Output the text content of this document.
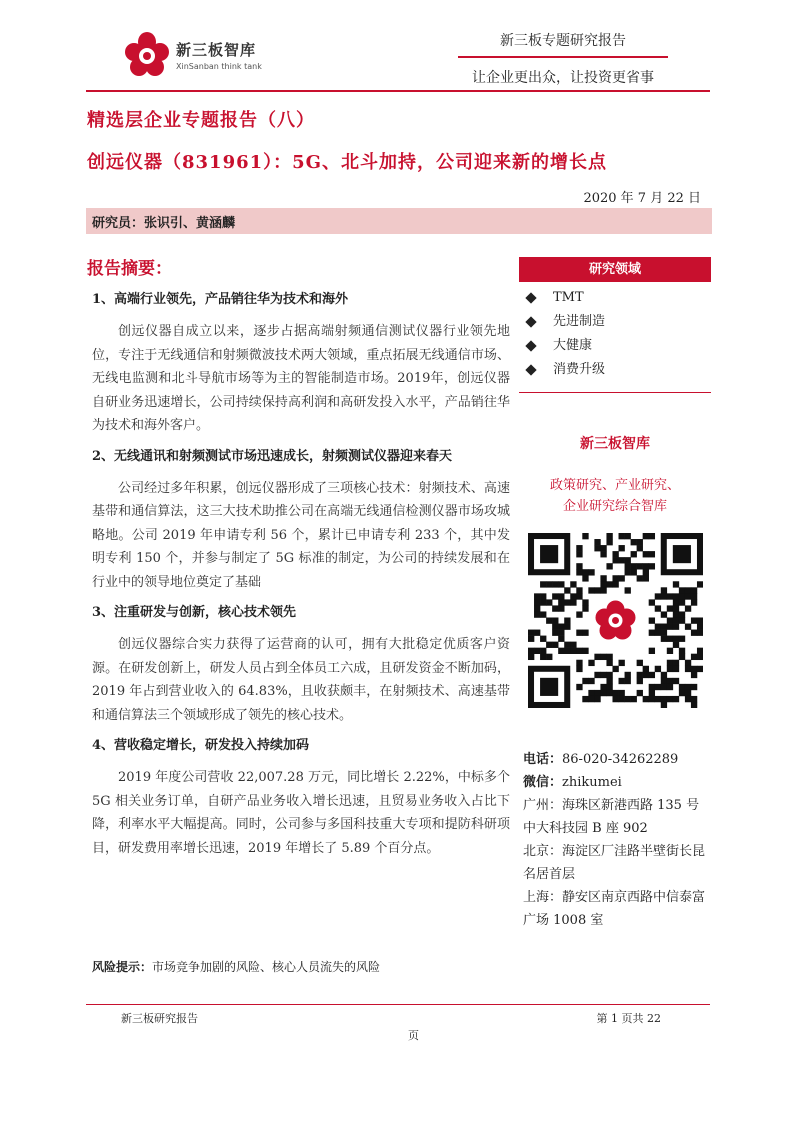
新三板智库
XinSanban think tank
新三板专题研究报告
让企业更出众，让投资更省事
精选层企业专题报告（八）
创远仪器（831961）：5G、北斗加持，公司迎来新的增长点
2020 年 7 月 22 日
研究员：张识引、黄涵麟
报告摘要：
1、高端行业领先，产品销往华为技术和海外

创远仪器自成立以来，逐步占据高端射频通信测试仪器行业领先地位，专注于无线通信和射频微波技术两大领域，重点拓展无线通信市场、无线电监测和北斗导航市场等为主的智能制造市场。2019年，创远仪器自研业务迅速增长，公司持续保持高利润和高研发投入水平，产品销往华为技术和海外客户。

2、无线通讯和射频测试市场迅速成长，射频测试仪器迎来春天

公司经过多年积累，创远仪器形成了三项核心技术：射频技术、高速基带和通信算法，这三大技术助推公司在高端无线通信检测仪器市场攻城略地。公司 2019 年申请专利 56 个，累计已申请专利 233 个，其中发明专利 150 个，并参与制定了 5G 标准的制定，为公司的持续发展和在行业中的领导地位奠定了基础

3、注重研发与创新，核心技术领先

创远仪器综合实力获得了运营商的认可，拥有大批稳定优质客户资源。在研发创新上，研发人员占到全体员工六成，且研发资金不断加码，2019 年占到营业收入的 64.83%，且收获颇丰，在射频技术、高速基带和通信算法三个领域形成了领先的核心技术。

4、营收稳定增长，研发投入持续加码

2019 年度公司营收 22,007.28 万元，同比增长 2.22%，中标多个5G 相关业务订单，自研产品业务收入增长迅速，且贸易业务收入占比下降，利率水平大幅提高。同时，公司参与多国科技重大专项和提防科研项目，研发费用率增长迅速，2019 年增长了 5.89 个百分点。

风险提示：市场竞争加剧的风险、核心人员流失的风险
研究领域
TMT
先进制造
大健康
消费升级
新三板智库
政策研究、产业研究、
企业研究综合智库
电话：86-020-34262289
微信：zhikumei
广州：海珠区新港西路 135 号中大科技园 B 座 902
北京：海淀区厂洼路半壁街长昆名居首层
上海：静安区南京西路中信泰富广场 1008 室
新三板研究报告	第 1 页共 22
页
